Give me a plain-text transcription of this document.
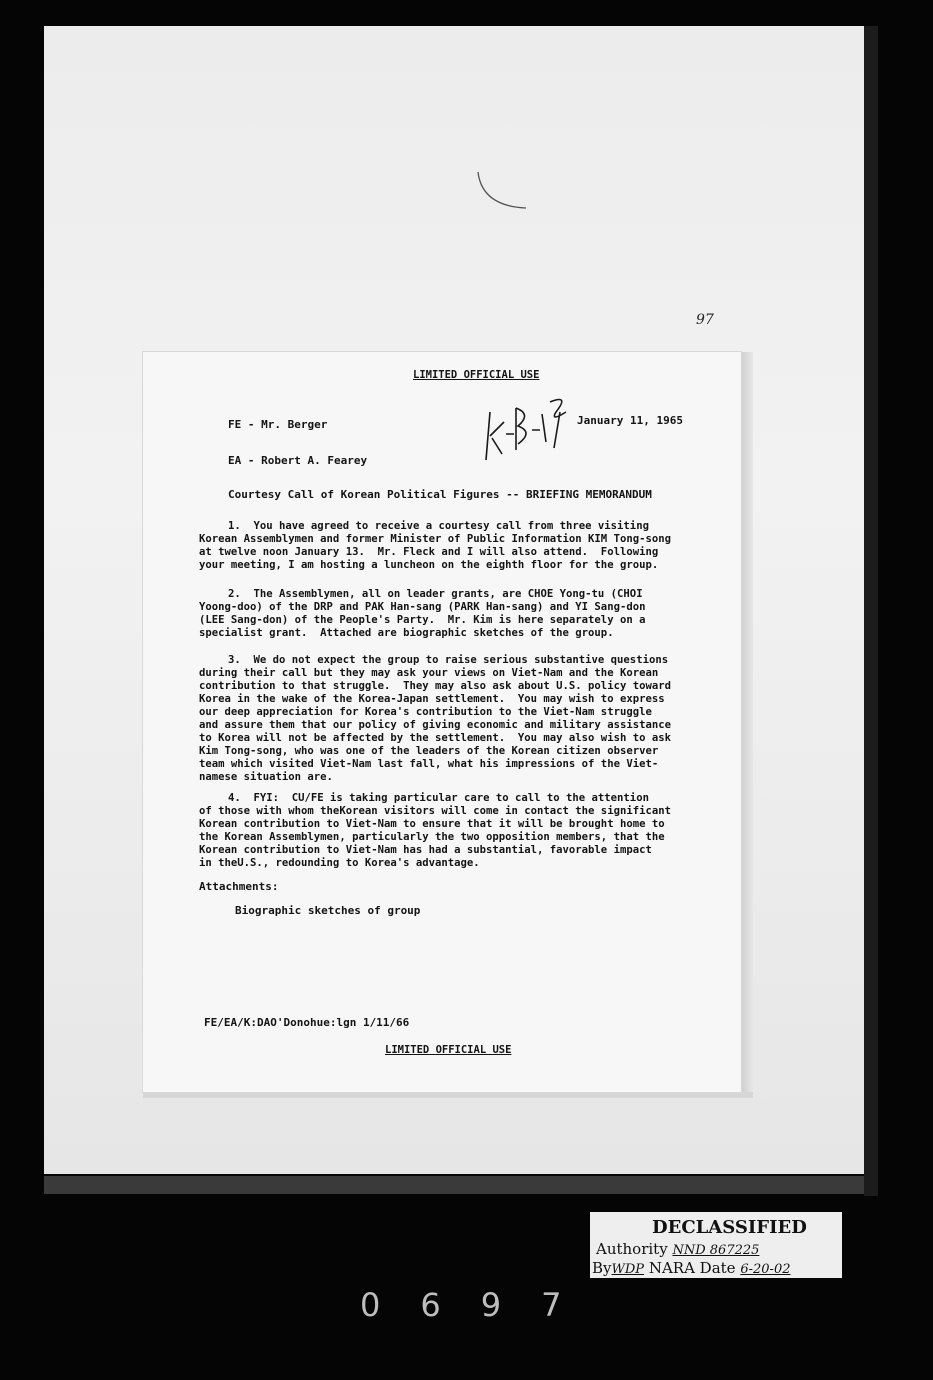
97
LIMITED OFFICIAL USE
FE - Mr. Berger	January 11, 1965
EA - Robert A. Fearey
Courtesy Call of Korean Political Figures -- BRIEFING MEMORANDUM
1.  You have agreed to receive a courtesy call from three visiting
Korean Assemblymen and former Minister of Public Information KIM Tong-song
at twelve noon January 13.  Mr. Fleck and I will also attend.  Following
your meeting, I am hosting a luncheon on the eighth floor for the group.
2.  The Assemblymen, all on leader grants, are CHOE Yong-tu (CHOI
Yoong-doo) of the DRP and PAK Han-sang (PARK Han-sang) and YI Sang-don
(LEE Sang-don) of the People's Party.  Mr. Kim is here separately on a
specialist grant.  Attached are biographic sketches of the group.
3.  We do not expect the group to raise serious substantive questions
during their call but they may ask your views on Viet-Nam and the Korean
contribution to that struggle.  They may also ask about U.S. policy toward
Korea in the wake of the Korea-Japan settlement.  You may wish to express
our deep appreciation for Korea's contribution to the Viet-Nam struggle
and assure them that our policy of giving economic and military assistance
to Korea will not be affected by the settlement.  You may also wish to ask
Kim Tong-song, who was one of the leaders of the Korean citizen observer
team which visited Viet-Nam last fall, what his impressions of the Viet-
namese situation are.
4.  FYI:  CU/FE is taking particular care to call to the attention
of those with whom theKorean visitors will come in contact the significant
Korean contribution to Viet-Nam to ensure that it will be brought home to
the Korean Assemblymen, particularly the two opposition members, that the
Korean contribution to Viet-Nam has had a substantial, favorable impact
in theU.S., redounding to Korea's advantage.
Attachments:
Biographic sketches of group
FE/EA/K:DAO'Donohue:lgn 1/11/66
LIMITED OFFICIAL USE
DECLASSIFIED
Authority NND 867225
ByWDP NARA Date 6-20-02
0697
